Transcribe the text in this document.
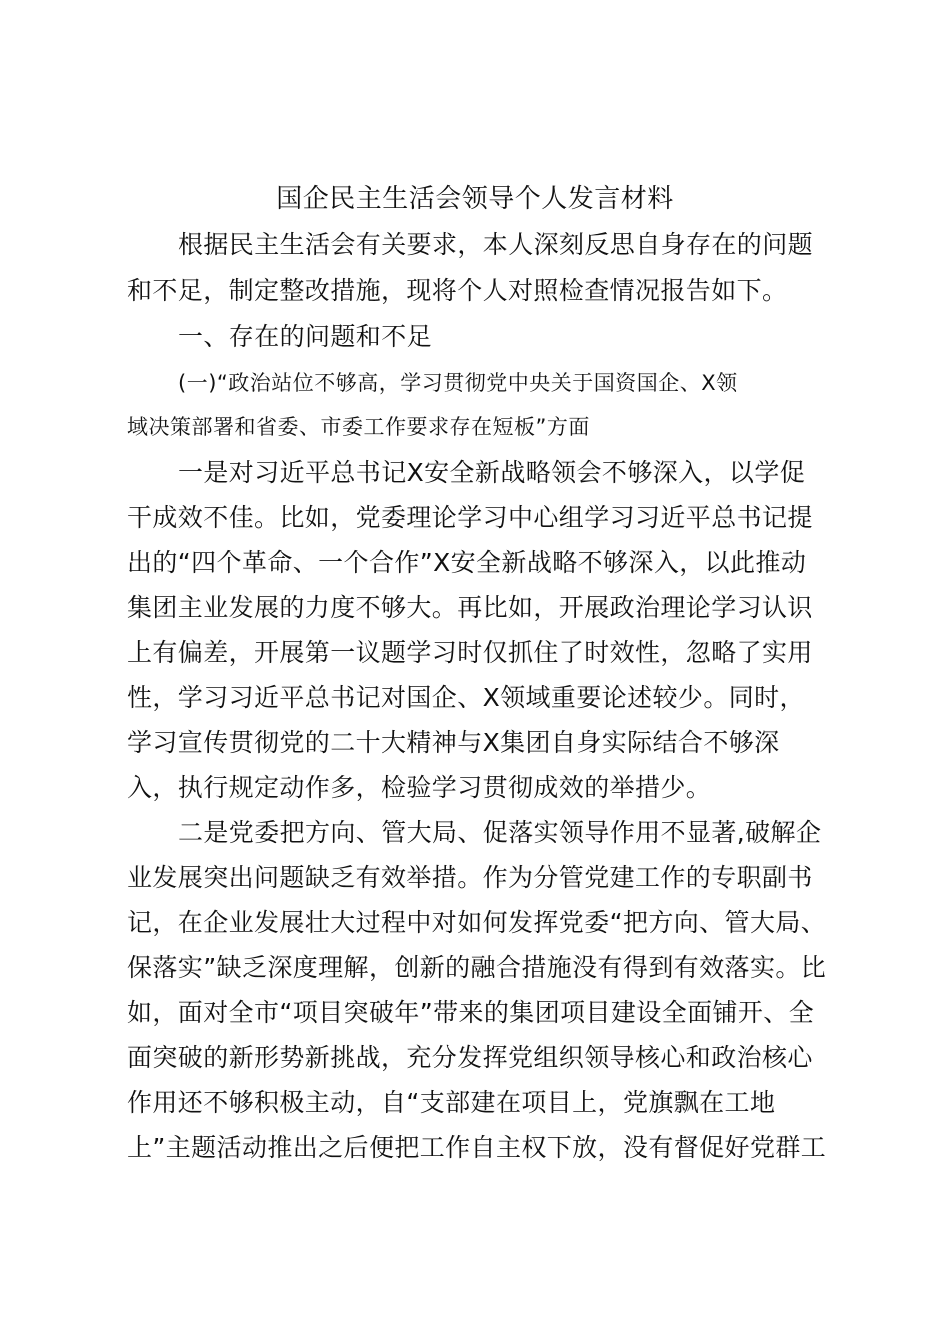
国企民主生活会领导个人发言材料
根据民主生活会有关要求，本人深刻反思自身存在的问题
和不足，制定整改措施，现将个人对照检查情况报告如下。
一、存在的问题和不足
(一)“政治站位不够高，学习贯彻党中央关于国资国企、X领
域决策部署和省委、市委工作要求存在短板”方面
一是对习近平总书记X安全新战略领会不够深入，以学促
干成效不佳。比如，党委理论学习中心组学习习近平总书记提
出的“四个革命、一个合作”X安全新战略不够深入，以此推动
集团主业发展的力度不够大。再比如，开展政治理论学习认识
上有偏差，开展第一议题学习时仅抓住了时效性，忽略了实用
性，学习习近平总书记对国企、X领域重要论述较少。同时，
学习宣传贯彻党的二十大精神与X集团自身实际结合不够深
入，执行规定动作多，检验学习贯彻成效的举措少。
二是党委把方向、管大局、促落实领导作用不显著,破解企
业发展突出问题缺乏有效举措。作为分管党建工作的专职副书
记，在企业发展壮大过程中对如何发挥党委“把方向、管大局、
保落实”缺乏深度理解，创新的融合措施没有得到有效落实。比
如，面对全市“项目突破年”带来的集团项目建设全面铺开、全
面突破的新形势新挑战，充分发挥党组织领导核心和政治核心
作用还不够积极主动，自“支部建在项目上，党旗飘在工地
上”主题活动推出之后便把工作自主权下放，没有督促好党群工
